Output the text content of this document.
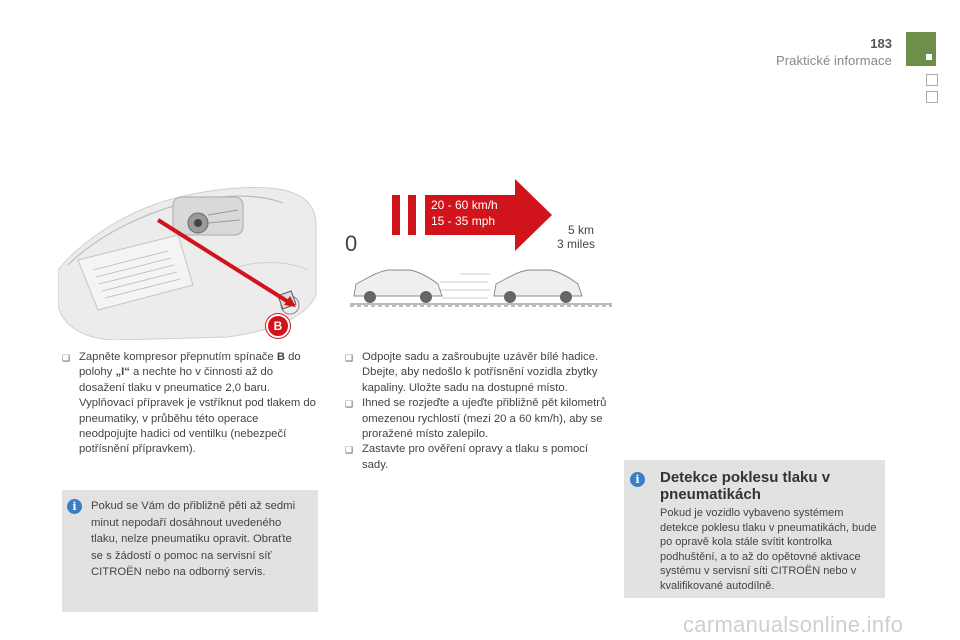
183
Praktické informace
B
20 - 60 km/h
15 - 35 mph
0
5 km
3 miles
❑ Zapněte kompresor přepnutím spínače B do polohy „I“ a nechte ho v činnosti až do dosažení tlaku v pneumatice 2,0 baru. Vyplňovací přípravek je vstříknut pod tlakem do pneumatiky, v průběhu této operace neodpojujte hadici od ventilku (nebezpečí potřísnění přípravkem).
i	Pokud se Vám do přibližně pěti až sedmi minut nepodaří dosáhnout uvedeného tlaku, nelze pneumatiku opravit. Obraťte se s žádostí o pomoc na servisní síť CITROËN nebo na odborný servis.
❑ Odpojte sadu a zašroubujte uzávěr bílé hadice. Dbejte, aby nedošlo k potřísnění vozidla zbytky kapaliny. Uložte sadu na dostupné místo.
❑ Ihned se rozjeďte a ujeďte přibližně pět kilometrů omezenou rychlostí (mezi 20 a 60 km/h), aby se proražené místo zalepilo.
❑ Zastavte pro ověření opravy a tlaku s pomocí sady.
i	Detekce poklesu tlaku v pneumatikách
Pokud je vozidlo vybaveno systémem detekce poklesu tlaku v pneumatikách, bude po opravě kola stále svítit kontrolka podhuštění, a to až do opětovné aktivace systému v servisní síti CITROËN nebo v kvalifikované autodílně.
carmanualsonline.info
